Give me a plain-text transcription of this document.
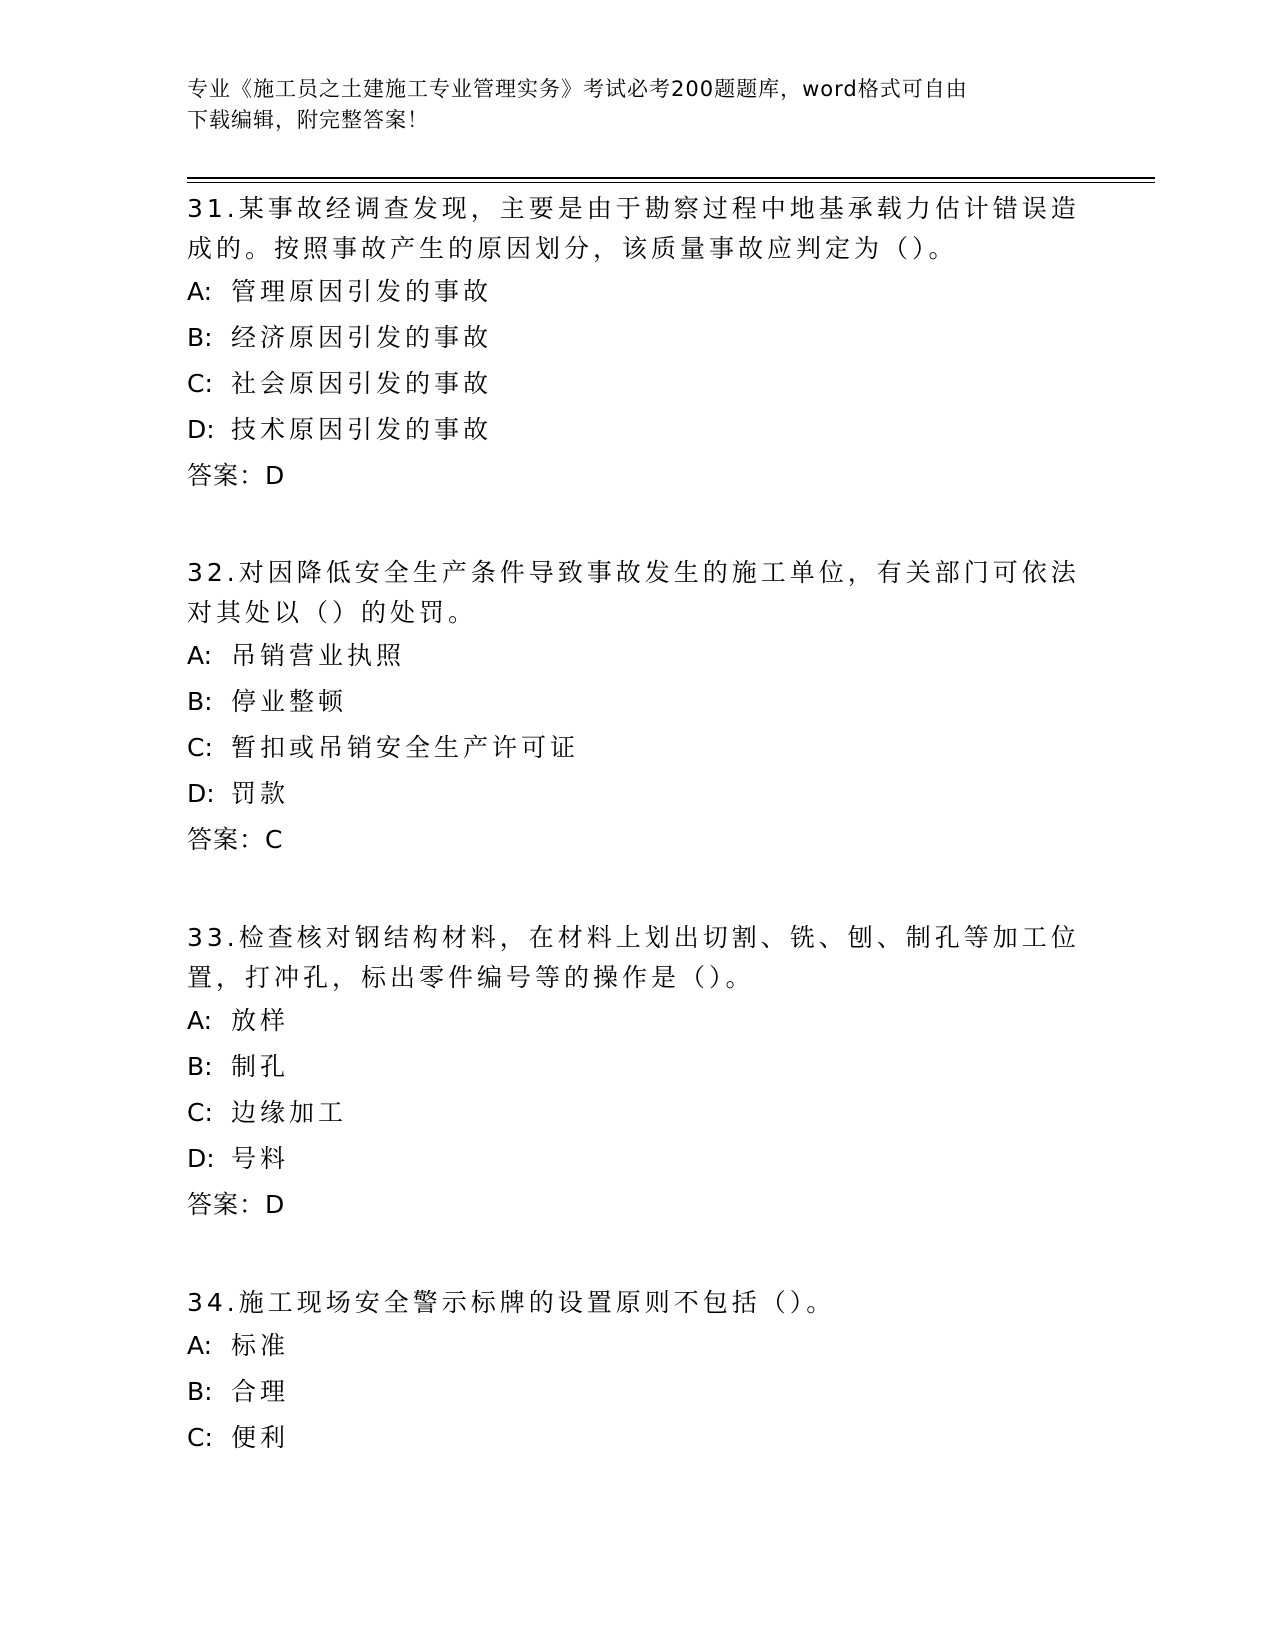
专业《施工员之土建施工专业管理实务》考试必考200题题库，word格式可自由
下载编辑，附完整答案！

31.某事故经调查发现，主要是由于勘察过程中地基承载力估计错误造

成的。按照事故产生的原因划分，该质量事故应判定为（）。

A: 管理原因引发的事故

B: 经济原因引发的事故

C: 社会原因引发的事故

D: 技术原因引发的事故

答案：D

32.对因降低安全生产条件导致事故发生的施工单位，有关部门可依法

对其处以（）的处罚。

A: 吊销营业执照

B: 停业整顿

C: 暂扣或吊销安全生产许可证

D: 罚款

答案：C

33.检查核对钢结构材料，在材料上划出切割、铣、刨、制孔等加工位

置，打冲孔，标出零件编号等的操作是（）。

A: 放样

B: 制孔

C: 边缘加工

D: 号料

答案：D

34.施工现场安全警示标牌的设置原则不包括（）。

A: 标准

B: 合理

C: 便利
